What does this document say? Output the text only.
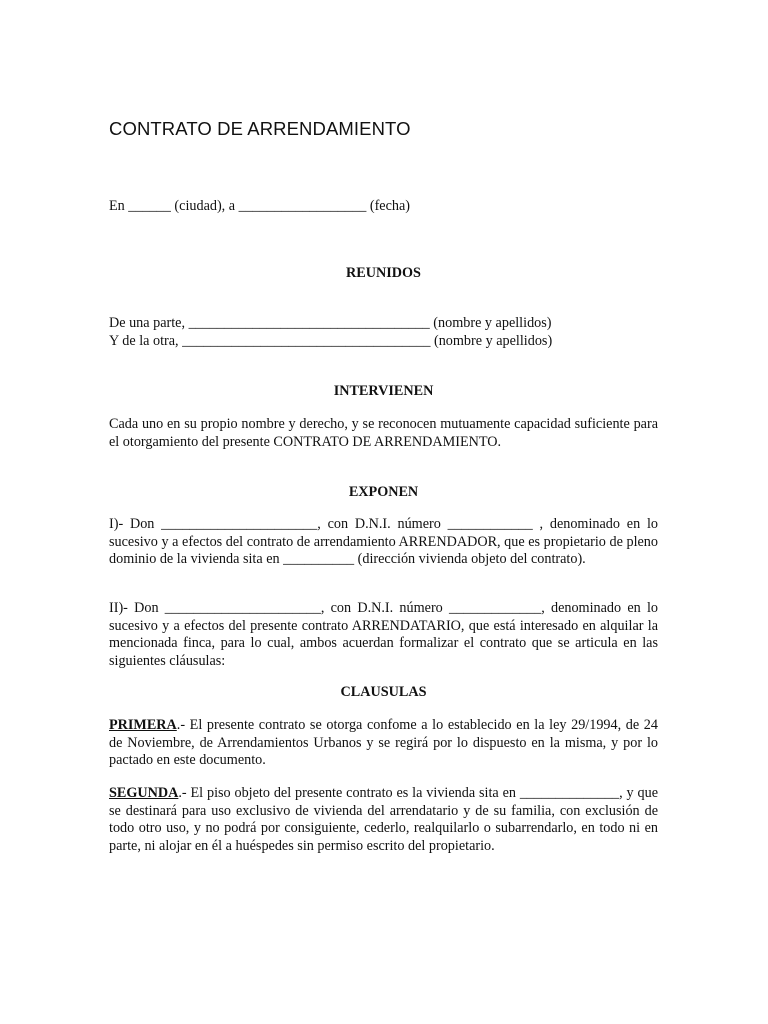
CONTRATO DE ARRENDAMIENTO
En ______ (ciudad), a __________________ (fecha)
REUNIDOS
De una parte, __________________________________ (nombre y apellidos)
Y de la otra, ___________________________________ (nombre y apellidos)
INTERVIENEN
Cada uno en su propio nombre y derecho, y se reconocen mutuamente capacidad suficiente para el otorgamiento del presente CONTRATO DE ARRENDAMIENTO.
EXPONEN
I)- Don ______________________, con D.N.I. número ____________ , denominado en lo sucesivo y a efectos del contrato de arrendamiento ARRENDADOR, que es propietario de pleno dominio de la vivienda sita en __________ (dirección vivienda objeto del contrato).
II)- Don ______________________, con D.N.I. número _____________, denominado en lo sucesivo y a efectos del presente contrato ARRENDATARIO, que está interesado en alquilar la mencionada finca, para lo cual, ambos acuerdan formalizar el contrato que se articula en las siguientes cláusulas:
CLAUSULAS
PRIMERA.- El presente contrato se otorga confome a lo establecido en la ley 29/1994, de 24 de Noviembre, de Arrendamientos Urbanos y se regirá por lo dispuesto en la misma, y por lo pactado en este documento.
SEGUNDA.- El piso objeto del presente contrato es la vivienda sita en ______________, y que se destinará para uso exclusivo de vivienda del arrendatario y de su familia, con exclusión de todo otro uso, y no podrá por consiguiente, cederlo, realquilarlo o subarrendarlo, en todo ni en parte, ni alojar en él a huéspedes sin permiso escrito del propietario.
